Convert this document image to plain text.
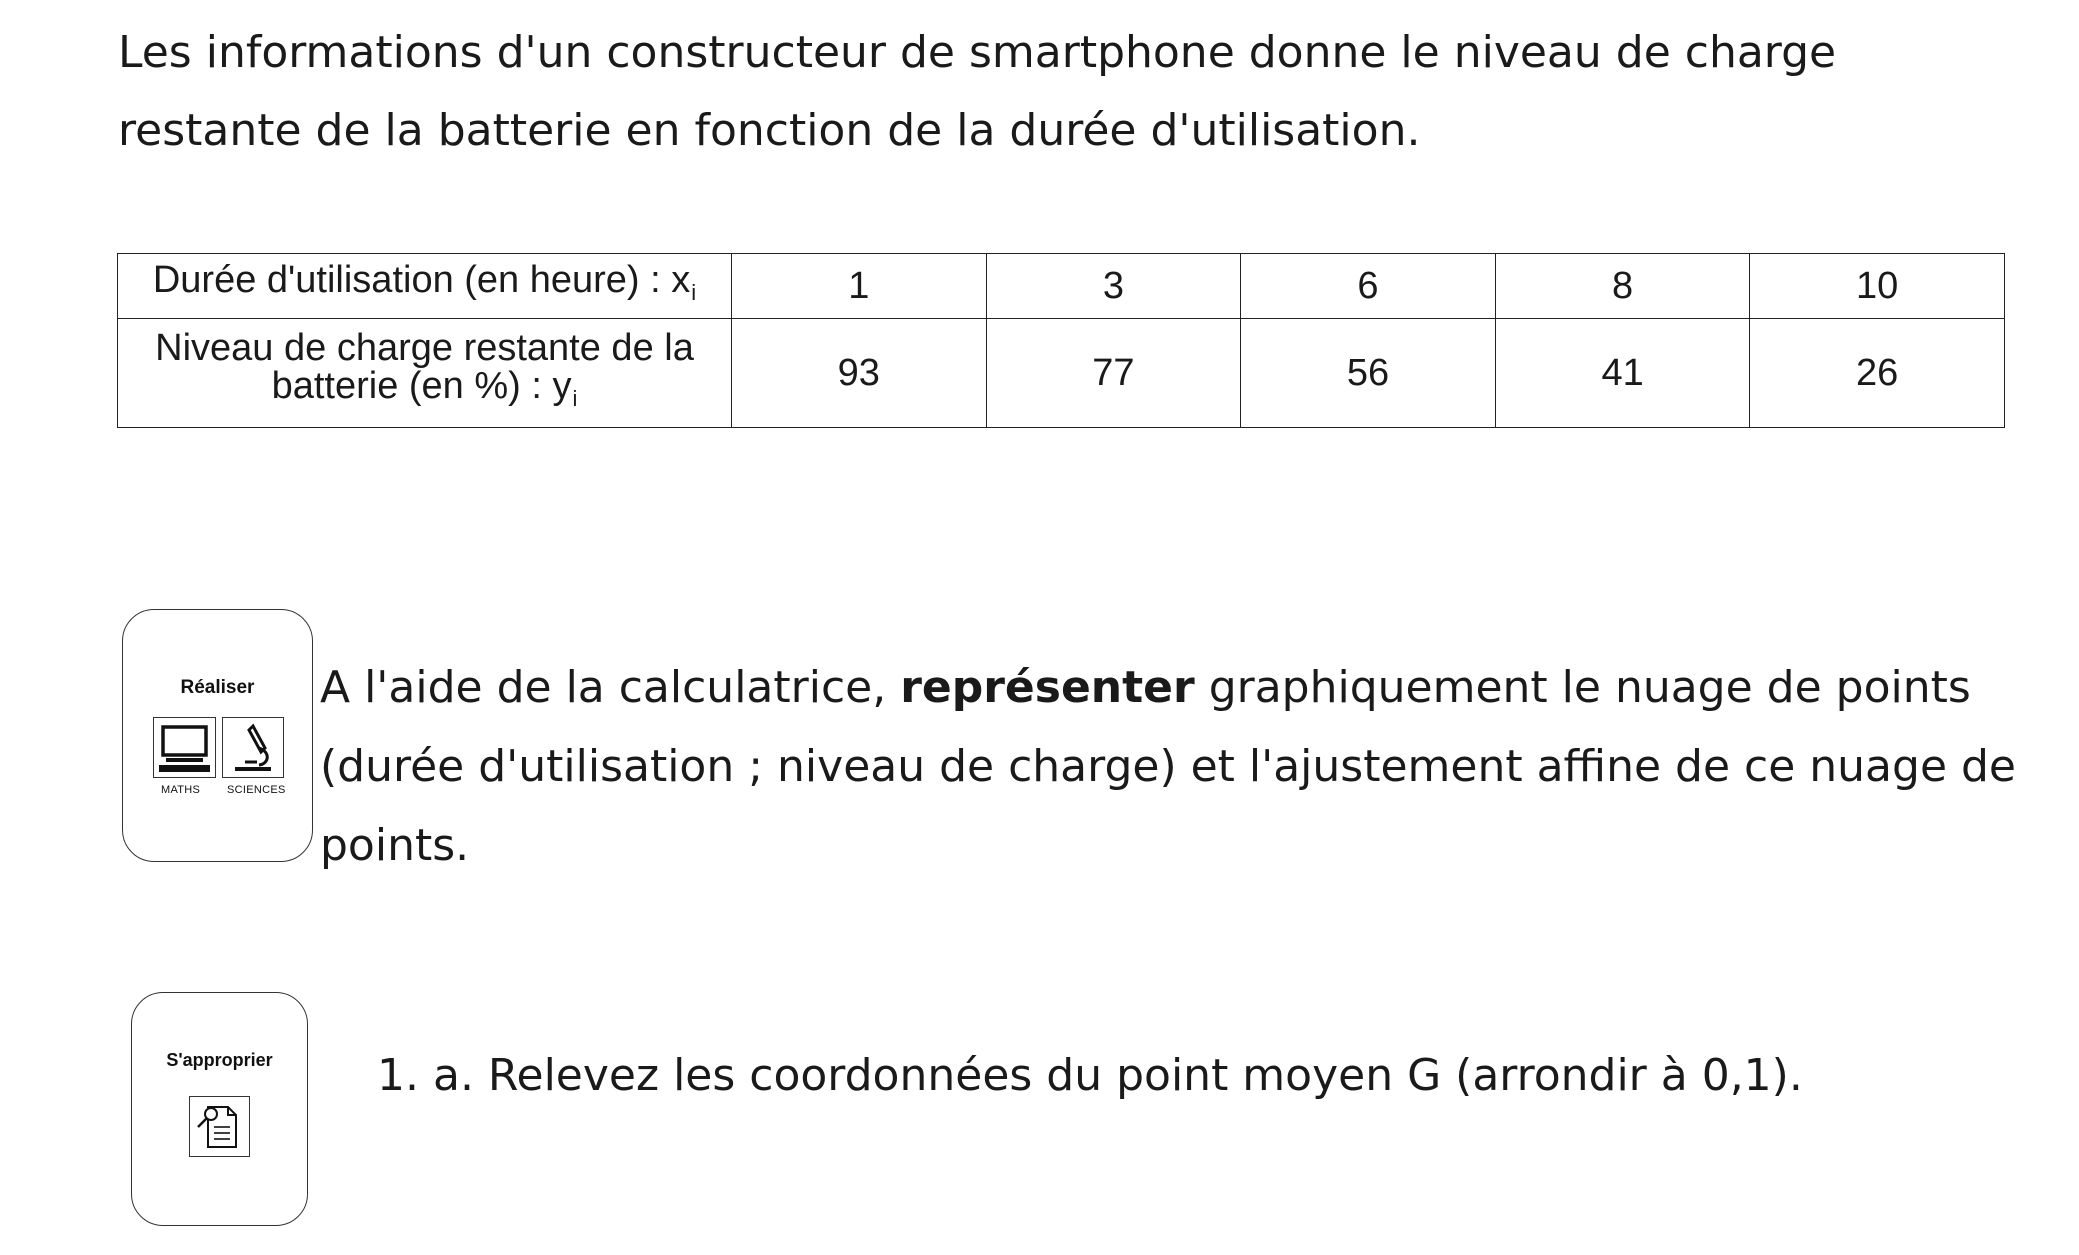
Les informations d'un constructeur de smartphone donne le niveau de charge restante de la batterie en fonction de la durée d'utilisation.

Durée d'utilisation (en heure) : $x_i$	1	3	6	8	10
Niveau de charge restante de la batterie (en %) : $y_i$	93	77	56	41	26
Réaliser
MATHS SCIENCES

A l'aide de la calculatrice, représenter graphiquement le nuage de points (durée d'utilisation ; niveau de charge) et l'ajustement affine de ce nuage de points.

S'approprier	1. a. Relevez les coordonnées du point moyen G (arrondir à 0,1).
